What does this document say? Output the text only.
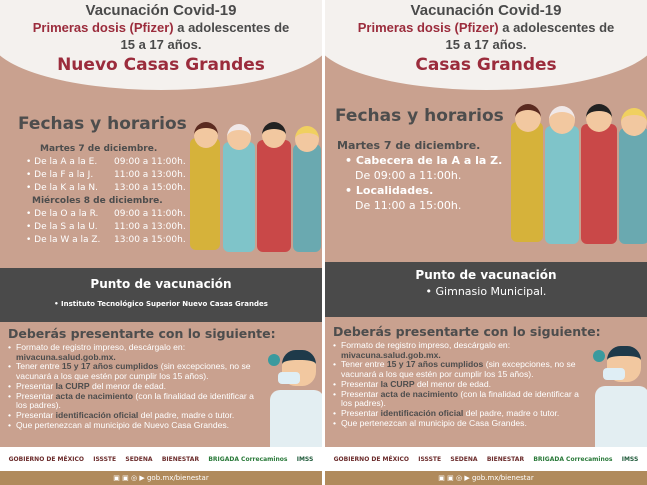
Vacunación Covid-19
Primeras dosis (Pfizer) a adolescentes de
15 a 17 años.
Nuevo Casas Grandes
Fechas y horarios
Martes 7 de diciembre.
• De la A a la E.	09:00 a 11:00h.
• De la F a la J.	11:00 a 13:00h.
• De la K a la N.	13:00 a 15:00h.
Miércoles 8 de diciembre.
• De la O a la R.	09:00 a 11:00h.
• De la S a la U.	11:00 a 13:00h.
• De la W a la Z.	13:00 a 15:00h.
Punto de vacunación
• Instituto Tecnológico Superior Nuevo Casas Grandes
Deberás presentarte con lo siguiente:
• Formato de registro impreso, descárgalo en:
mivacuna.salud.gob.mx.
• Tener entre 15 y 17 años cumplidos (sin excepciones, no se vacunará a los que estén por cumplir los 15 años).
• Presentar la CURP del menor de edad.
• Presentar acta de nacimiento (con la finalidad de identificar a los padres).
• Presentar identificación oficial del padre, madre o tutor.
• Que pertenezcan al municipio de Nuevo Casa Grandes.
GOBIERNO DE MÉXICO ISSSTE SEDENA BIENESTAR BRIGADA Correcaminos IMSS
▣ ▣ ◎ ▶ gob.mx/bienestar
Vacunación Covid-19
Primeras dosis (Pfizer) a adolescentes de
15 a 17 años.
Casas Grandes
Fechas y horarios
Martes 7 de diciembre.
• Cabecera de la A a la Z.
De 09:00 a 11:00h.
• Localidades.
De 11:00 a 15:00h.
Punto de vacunación
• Gimnasio Municipal.
Deberás presentarte con lo siguiente:
• Formato de registro impreso, descárgalo en:
mivacuna.salud.gob.mx.
• Tener entre 15 y 17 años cumplidos (sin excepciones, no se vacunará a los que estén por cumplir los 15 años).
• Presentar la CURP del menor de edad.
• Presentar acta de nacimiento (con la finalidad de identificar a los padres).
• Presentar identificación oficial del padre, madre o tutor.
• Que pertenezcan al municipio de Casa Grandes.
GOBIERNO DE MÉXICO ISSSTE SEDENA BIENESTAR BRIGADA Correcaminos IMSS
▣ ▣ ◎ ▶ gob.mx/bienestar
